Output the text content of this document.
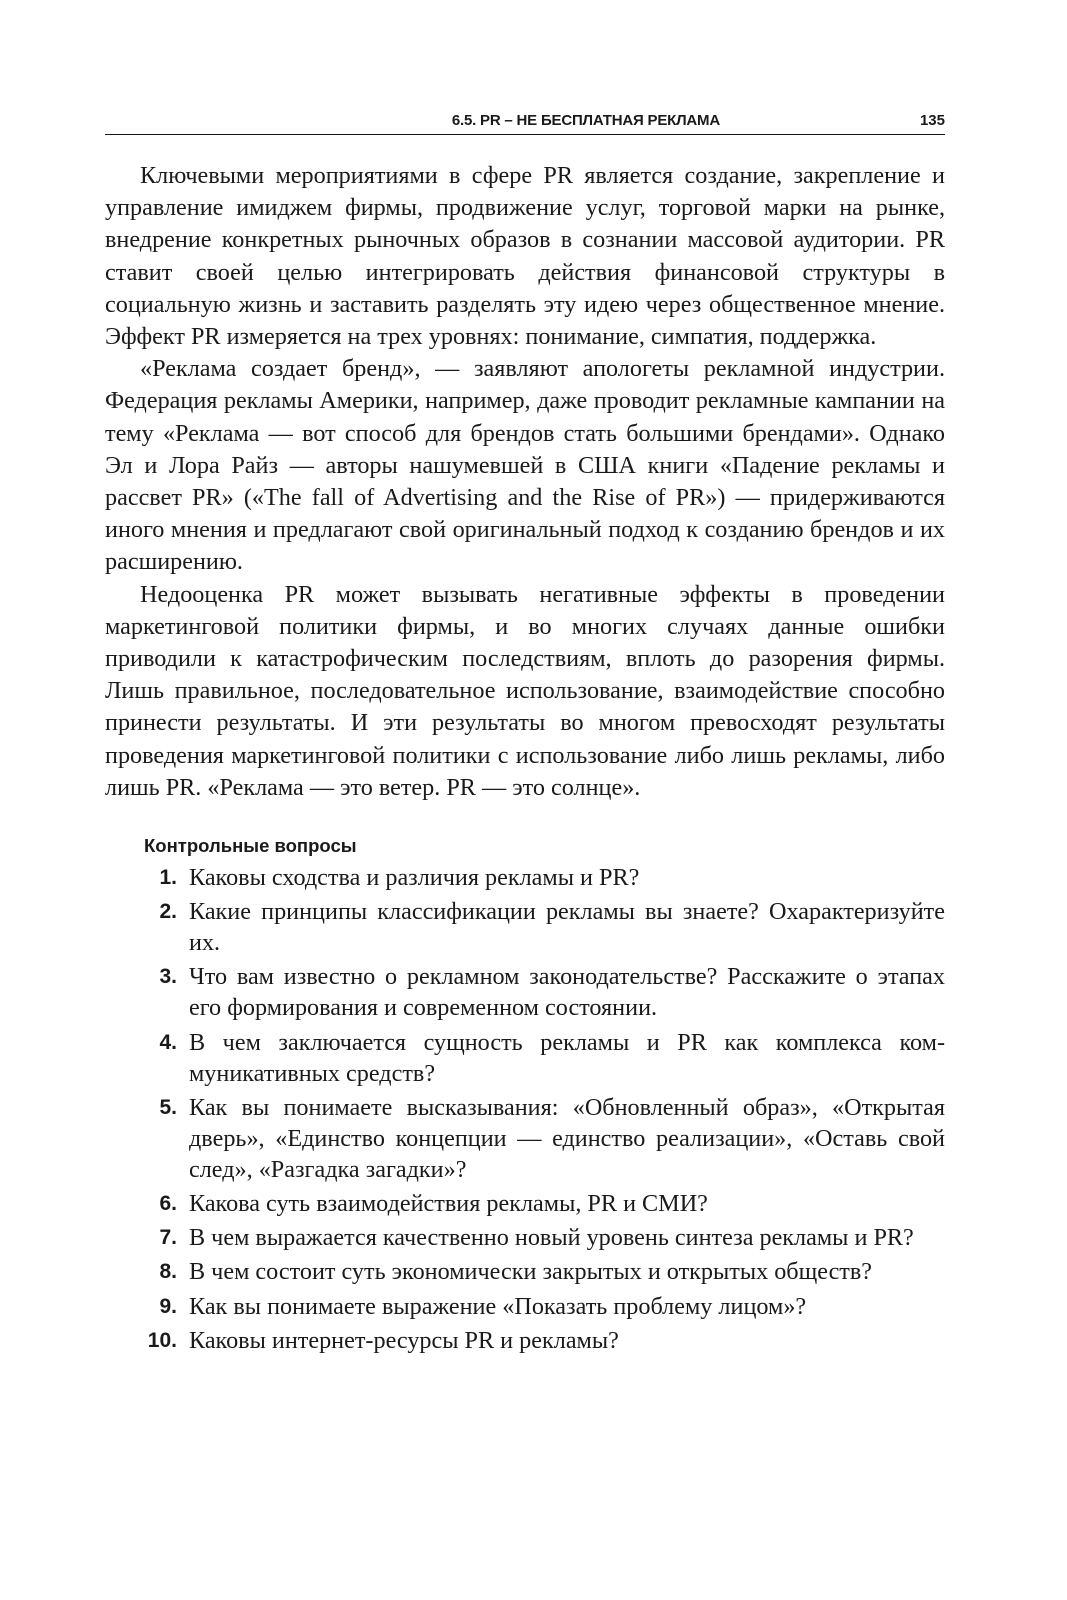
6.5. PR – НЕ БЕСПЛАТНАЯ РЕКЛАМА	135

Ключевыми мероприятиями в сфере PR является создание, закрепление и управление имиджем фирмы, продвижение услуг, торговой марки на рынке, внедрение конкретных рыночных образов в сознании массовой аудитории. PR ставит своей целью интегрировать действия финансовой структуры в социальную жизнь и заставить разделять эту идею через общественное мнение. Эффект PR измеряется на трех уровнях: понимание, симпатия, поддержка.

«Реклама создает бренд», — заявляют апологеты рекламной индустрии. Федерация рекламы Америки, например, даже проводит рекламные кампании на тему «Реклама — вот способ для брендов стать большими брендами». Однако Эл и Лора Райз — авторы нашумевшей в США книги «Падение рекламы и рассвет PR» («The fall of Advertising and the Rise of PR») — придерживаются иного мнения и предлагают свой оригинальный подход к созданию брендов и их расширению.

Недооценка PR может вызывать негативные эффекты в проведении маркетинговой политики фирмы, и во многих случаях данные ошибки приводили к катастрофическим последствиям, вплоть до разорения фирмы. Лишь правильное, последовательное использование, взаимодействие способно принести результаты. И эти результаты во многом превосходят результаты проведения маркетинговой политики с использование либо лишь рекламы, либо лишь PR. «Реклама — это ветер. PR — это солнце».

Контрольные вопросы
1. Каковы сходства и различия рекламы и PR?
2. Какие принципы классификации рекламы вы знаете? Охарактеризуйте их.
3. Что вам известно о рекламном законодательстве? Расскажите о этапах его формирования и современном состоянии.
4. В чем заключается сущность рекламы и PR как комплекса коммуникативных средств?
5. Как вы понимаете высказывания: «Обновленный образ», «Открытая дверь», «Единство концепции — единство реализации», «Оставь свой след», «Разгадка загадки»?
6. Какова суть взаимодействия рекламы, PR и СМИ?
7. В чем выражается качественно новый уровень синтеза рекламы и PR?
8. В чем состоит суть экономически закрытых и открытых обществ?
9. Как вы понимаете выражение «Показать проблему лицом»?
10. Каковы интернет-ресурсы PR и рекламы?
